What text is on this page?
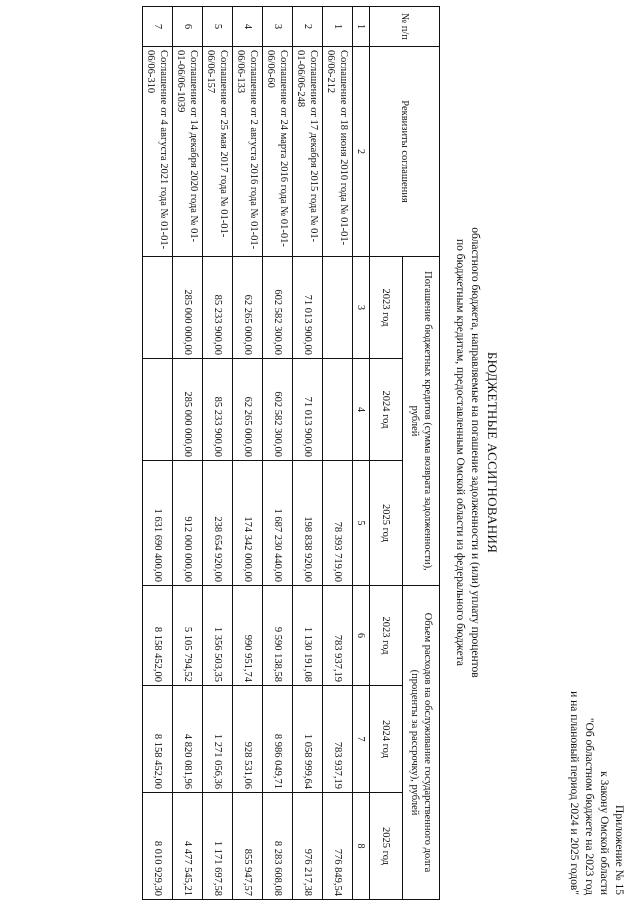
Приложение № 15
к Закону Омской области
"Об областном бюджете на 2023 год
и на плановый период 2024 и 2025 годов"
БЮДЖЕТНЫЕ АССИГНОВАНИЯ
областного бюджета, направляемые на погашение задолженности и (или) уплату процентов
по бюджетным кредитам, предоставленным Омской области из федерального бюджета
№ п/п	Реквизиты соглашения	Погашение бюджетных кредитов (сумма возврата задолженности), рублей			Объем расходов на обслуживание государственного долга (проценты за рассрочку), рублей		
		2023 год	2024 год	2025 год	2023 год	2024 год	2025 год
1	2	3	4	5	6	7	8
1	Соглашение от 18 июня 2010 года № 01-01-06/06-212			78 393 719,00	783 937,19	783 937,19	776 849,54
2	Соглашение от 17 декабря 2015 года № 01-01-06/06-248	71 013 900,00	71 013 900,00	198 838 920,00	1 130 191,08	1 058 999,64	976 217,38
3	Соглашение от 24 марта 2016 года № 01-01-06/06-60	602 582 300,00	602 582 300,00	1 687 230 440,00	9 590 138,58	8 986 049,71	8 283 608,08
4	Соглашение от 2 августа 2016 года № 01-01-06/06-133	62 265 000,00	62 265 000,00	174 342 000,00	990 951,74	928 531,06	855 947,57
5	Соглашение от 25 мая 2017 года № 01-01-06/06-157	85 233 900,00	85 233 900,00	238 654 920,00	1 356 503,35	1 271 056,36	1 171 697,58
6	Соглашение от 14 декабря 2020 года № 01-01-06/06-1039	285 000 000,00	285 000 000,00	912 000 000,00	5 105 794,52	4 820 081,96	4 477 545,21
7	Соглашение от 4 августа 2021 года № 01-01-06/06-310			1 631 690 400,00	8 158 452,00	8 158 452,00	8 010 929,30
